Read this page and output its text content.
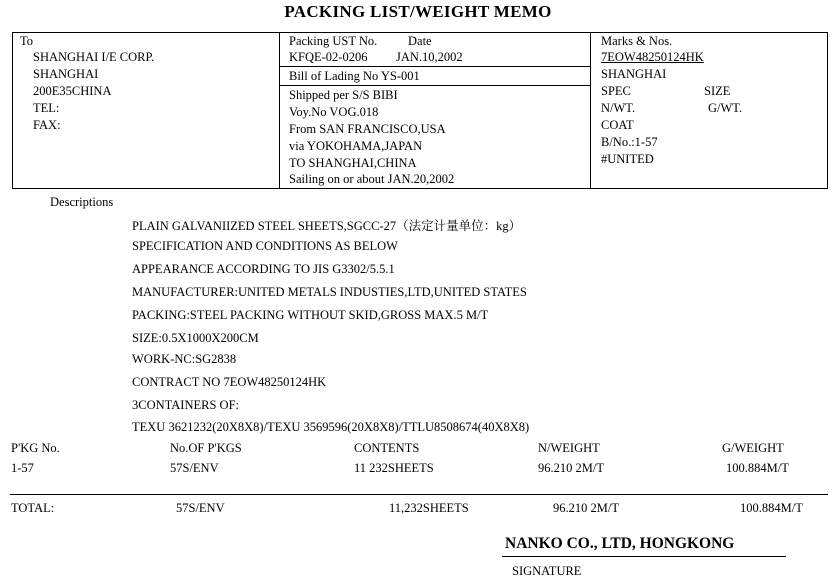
PACKING LIST/WEIGHT MEMO
To
SHANGHAI I/E CORP.
SHANGHAI
200E35CHINA
TEL:
FAX:
Packing UST No. Date
KFQE-02-0206 JAN.10,2002
Bill of Lading No YS-001
Shipped per S/S BIBI
Voy.No VOG.018
From SAN FRANCISCO,USA
via YOKOHAMA,JAPAN
TO SHANGHAI,CHINA
Sailing on or about JAN.20,2002
Marks & Nos.
7EOW48250124HK
SHANGHAI
SPEC	SIZE
N/WT.	G/WT.
COAT
B/No.:1-57
#UNITED
Descriptions
PLAIN GALVANIIZED STEEL SHEETS,SGCC-27（法定计量单位：kg）
SPECIFICATION AND CONDITIONS AS BELOW
APPEARANCE ACCORDING TO JIS G3302/5.5.1
MANUFACTURER:UNITED METALS INDUSTIES,LTD,UNITED STATES
PACKING:STEEL PACKING WITHOUT SKID,GROSS MAX.5 M/T
SIZE:0.5X1000X200CM
WORK-NC:SG2838
CONTRACT NO 7EOW48250124HK
3CONTAINERS OF:
TEXU 3621232(20X8X8)/TEXU 3569596(20X8X8)/TTLU8508674(40X8X8)
P'KG No.	No.OF P'KGS	CONTENTS	N/WEIGHT	G/WEIGHT
1-57	57S/ENV	11 232SHEETS	96.210 2M/T	100.884M/T
TOTAL:	57S/ENV	11,232SHEETS	96.210 2M/T	100.884M/T
NANKO CO., LTD, HONGKONG
SIGNATURE
